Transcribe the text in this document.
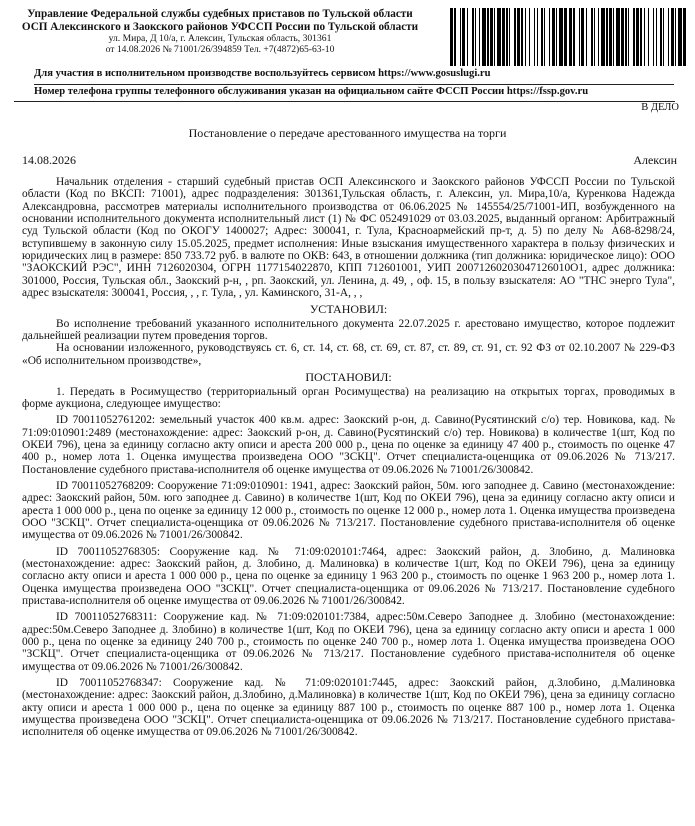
Управление Федеральной службы судебных приставов по Тульской области
ОСП Алексинского и Заокского районов УФССП России по Тульской области
ул. Мира, Д 10/а, г. Алексин, Тульская область, 301361
от 14.08.2026 № 71001/26/394859 Тел. +7(4872)65-63-10
Для участия в исполнительном производстве воспользуйтесь сервисом https://www.gosuslugi.ru
Номер телефона группы телефонного обслуживания указан на официальном сайте ФССП России https://fssp.gov.ru
В ДЕЛО
Постановление о передаче арестованного имущества на торги
14.08.2026	Алексин

Начальник отделения - старший судебный пристав ОСП Алексинского и Заокского районов УФССП России по Тульской области (Код по ВКСП: 71001), адрес подразделения: 301361,Тульская область, г. Алексин, ул. Мира,10/а, Куренкова Надежда Александровна, рассмотрев материалы исполнительного производства от 06.06.2025 № 145554/25/71001-ИП, возбужденного на основании исполнительного документа исполнительный лист (1) № ФС 052491029 от 03.03.2025, выданный органом: Арбитражный суд Тульской области (Код по ОКОГУ 1400027; Адрес: 300041, г. Тула, Красноармейский пр-т, д. 5) по делу № А68-8298/24, вступившему в законную силу 15.05.2025, предмет исполнения: Иные взыскания имущественного характера в пользу физических и юридических лиц в размере: 850 733.72 руб. в валюте по ОКВ: 643, в отношении должника (тип должника: юридическое лицо): ООО "ЗАОКСКИЙ РЭС", ИНН 7126020304, ОГРН 1177154022870, КПП 712601001, УИП 20071260203047126010О1, адрес должника: 301000, Россия, Тульская обл., Заокский р-н, , рп. Заокский, ул. Ленина, д. 49, , оф. 15, в пользу взыскателя: АО "ТНС энерго Тула", адрес взыскателя: 300041, Россия, , , г. Тула, , ул. Каминского, 31-А, , ,

УСТАНОВИЛ:

Во исполнение требований указанного исполнительного документа 22.07.2025 г. арестовано имущество, которое подлежит дальнейшей реализации путем проведения торгов.

На основании изложенного, руководствуясь ст. 6, ст. 14, ст. 68, ст. 69, ст. 87, ст. 89, ст. 91, ст. 92 ФЗ от 02.10.2007 № 229-ФЗ «Об исполнительном производстве»,

ПОСТАНОВИЛ:

1. Передать в Росимущество (территориальный орган Росимущества) на реализацию на открытых торгах, проводимых в форме аукциона, следующее имущество:

ID 70011052761202: земельный участок 400 кв.м. адрес: Заокский р-он, д. Савино(Русятинский с/о) тер. Новикова, кад. № 71:09:010901:2489 (местонахождение: адрес: Заокский р-он, д. Савино(Русятинский с/о) тер. Новикова) в количестве 1(шт, Код по ОКЕИ 796), цена за единицу согласно акту описи и ареста 200 000 р., цена по оценке за единицу 47 400 р., стоимость по оценке 47 400 р., номер лота 1. Оценка имущества произведена ООО "ЗСКЦ". Отчет специалиста-оценщика от 09.06.2026 № 713/217. Постановление судебного пристава-исполнителя об оценке имущества от 09.06.2026 № 71001/26/300842.

ID 70011052768209: Сооружение 71:09:010901: 1941, адрес: Заокский район, 50м. юго заподнее д. Савино (местонахождение: адрес: Заокский район, 50м. юго заподнее д. Савино) в количестве 1(шт, Код по ОКЕИ 796), цена за единицу согласно акту описи и ареста 1 000 000 р., цена по оценке за единицу 12 000 р., стоимость по оценке 12 000 р., номер лота 1. Оценка имущества произведена ООО "ЗСКЦ". Отчет специалиста-оценщика от 09.06.2026 № 713/217. Постановление судебного пристава-исполнителя об оценке имущества от 09.06.2026 № 71001/26/300842.

ID 70011052768305: Сооружение кад. № 71:09:020101:7464, адрес: Заокский район, д. Злобино, д. Малиновка (местонахождение: адрес: Заокский район, д. Злобино, д. Малиновка) в количестве 1(шт, Код по ОКЕИ 796), цена за единицу согласно акту описи и ареста 1 000 000 р., цена по оценке за единицу 1 963 200 р., стоимость по оценке 1 963 200 р., номер лота 1. Оценка имущества произведена ООО "ЗСКЦ". Отчет специалиста-оценщика от 09.06.2026 № 713/217. Постановление судебного пристава-исполнителя об оценке имущества от 09.06.2026 № 71001/26/300842.

ID 70011052768311: Сооружение кад. № 71:09:020101:7384, адрес:50м.Северо Заподнее д. Злобино (местонахождение: адрес:50м.Северо Заподнее д. Злобино) в количестве 1(шт, Код по ОКЕИ 796), цена за единицу согласно акту описи и ареста 1 000 000 р., цена по оценке за единицу 240 700 р., стоимость по оценке 240 700 р., номер лота 1. Оценка имущества произведена ООО "ЗСКЦ". Отчет специалиста-оценщика от 09.06.2026 № 713/217. Постановление судебного пристава-исполнителя об оценке имущества от 09.06.2026 № 71001/26/300842.

ID 70011052768347: Сооружение кад. № 71:09:020101:7445, адрес: Заокский район, д.Злобино, д.Малиновка (местонахождение: адрес: Заокский район, д.Злобино, д.Малиновка) в количестве 1(шт, Код по ОКЕИ 796), цена за единицу согласно акту описи и ареста 1 000 000 р., цена по оценке за единицу 887 100 р., стоимость по оценке 887 100 р., номер лота 1. Оценка имущества произведена ООО "ЗСКЦ". Отчет специалиста-оценщика от 09.06.2026 № 713/217. Постановление судебного пристава-исполнителя об оценке имущества от 09.06.2026 № 71001/26/300842.
